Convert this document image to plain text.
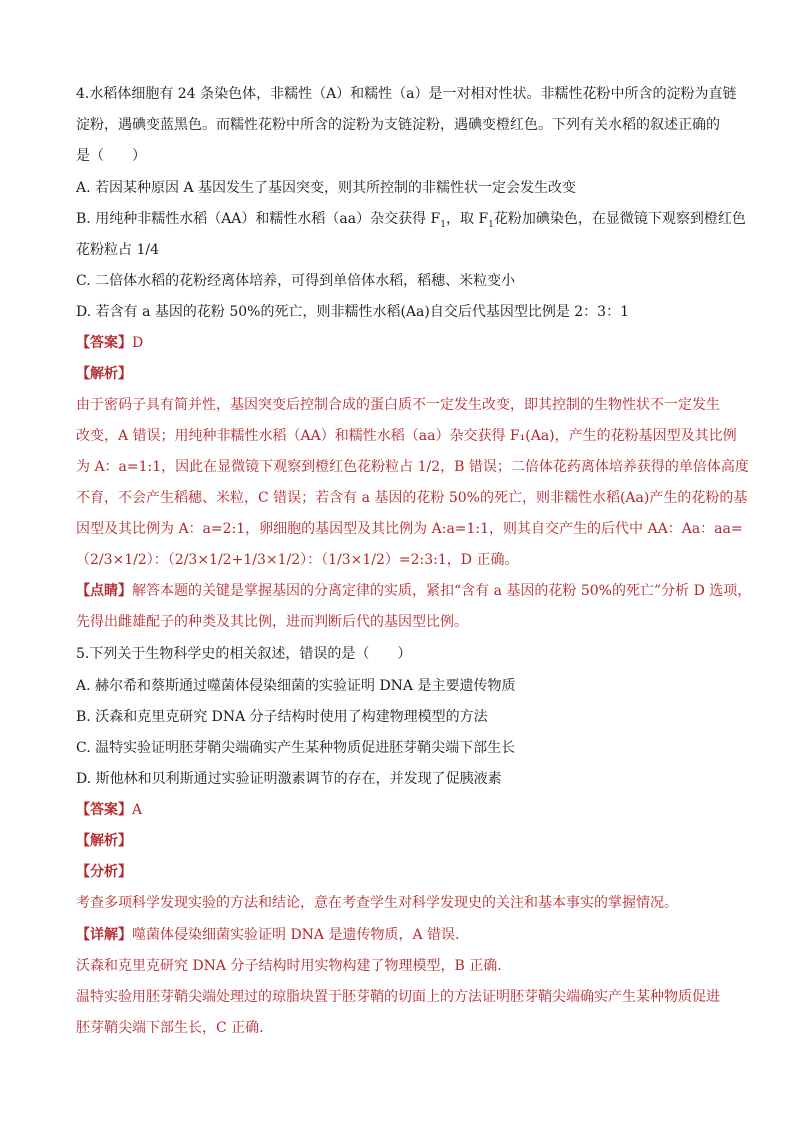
4.水稻体细胞有 24 条染色体，非糯性（A）和糯性（a）是一对相对性状。非糯性花粉中所含的淀粉为直链
淀粉，遇碘变蓝黑色。而糯性花粉中所含的淀粉为支链淀粉，遇碘变橙红色。下列有关水稻的叙述正确的
是（　　）
A. 若因某种原因 A 基因发生了基因突变，则其所控制的非糯性状一定会发生改变
B. 用纯种非糯性水稻（AA）和糯性水稻（aa）杂交获得 $F_1$，取 $F_1$花粉加碘染色，在显微镜下观察到橙红色
花粉粒占 1/4
C. 二倍体水稻的花粉经离体培养，可得到单倍体水稻，稻穗、米粒变小
D. 若含有 a 基因的花粉 50%的死亡，则非糯性水稻(Aa)自交后代基因型比例是 2：3：1
【答案】D
【解析】
由于密码子具有简并性，基因突变后控制合成的蛋白质不一定发生改变，即其控制的生物性状不一定发生
改变，A 错误；用纯种非糯性水稻（AA）和糯性水稻（aa）杂交获得 F₁(Aa)，产生的花粉基因型及其比例
为 A：a=1:1，因此在显微镜下观察到橙红色花粉粒占 1/2，B 错误；二倍体花药离体培养获得的单倍体高度
不育，不会产生稻穗、米粒，C 错误；若含有 a 基因的花粉 50%的死亡，则非糯性水稻(Aa)产生的花粉的基
因型及其比例为 A：a=2:1，卵细胞的基因型及其比例为 A:a=1:1，则其自交产生的后代中 AA：Aa：aa=
（2/3×1/2）：（2/3×1/2+1/3×1/2）：（1/3×1/2）=2:3:1，D 正确。
【点睛】解答本题的关键是掌握基因的分离定律的实质，紧扣“含有 a 基因的花粉 50%的死亡”分析 D 选项，
先得出雌雄配子的种类及其比例，进而判断后代的基因型比例。
5.下列关于生物科学史的相关叙述，错误的是（　　）
A. 赫尔希和蔡斯通过噬菌体侵染细菌的实验证明 DNA 是主要遗传物质
B. 沃森和克里克研究 DNA 分子结构时使用了构建物理模型的方法
C. 温特实验证明胚芽鞘尖端确实产生某种物质促进胚芽鞘尖端下部生长
D. 斯他林和贝利斯通过实验证明激素调节的存在，并发现了促胰液素
【答案】A
【解析】
【分析】
考查多项科学发现实验的方法和结论，意在考查学生对科学发现史的关注和基本事实的掌握情况。
【详解】噬菌体侵染细菌实验证明 DNA 是遗传物质，A 错误.
沃森和克里克研究 DNA 分子结构时用实物构建了物理模型，B 正确.
温特实验用胚芽鞘尖端处理过的琼脂块置于胚芽鞘的切面上的方法证明胚芽鞘尖端确实产生某种物质促进
胚芽鞘尖端下部生长，C 正确.
